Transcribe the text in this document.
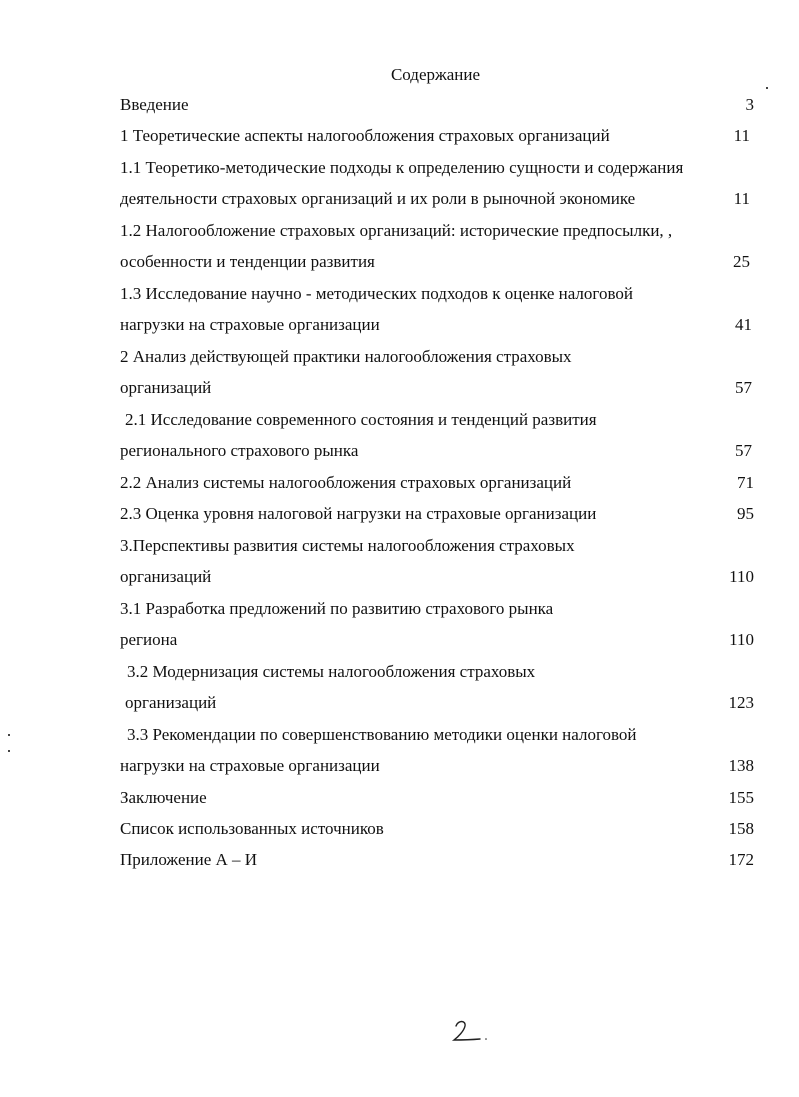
Содержание
Введение	3
1 Теоретические аспекты налогообложения страховых организаций	11
1.1 Теоретико-методические подходы к определению сущности и содержания
деятельности страховых организаций и их роли в рыночной экономике	11
1.2 Налогообложение страховых организаций: исторические предпосылки, ,
особенности и тенденции развития	25
1.3 Исследование научно - методических подходов к оценке налоговой
нагрузки на страховые организации	41
2 Анализ действующей практики налогообложения страховых
организаций	57
2.1 Исследование современного состояния и тенденций развития
регионального страхового рынка	57
2.2 Анализ системы налогообложения страховых организаций	71
2.3 Оценка уровня налоговой нагрузки на страховые организации	95
3.Перспективы развития системы налогообложения страховых
организаций	110
3.1 Разработка предложений по развитию страхового рынка
региона	110
3.2 Модернизация системы налогообложения страховых
организаций	123
3.3 Рекомендации по совершенствованию методики оценки налоговой
нагрузки на страховые организации	138
Заключение	155
Список использованных источников	158
Приложение А – И	172
